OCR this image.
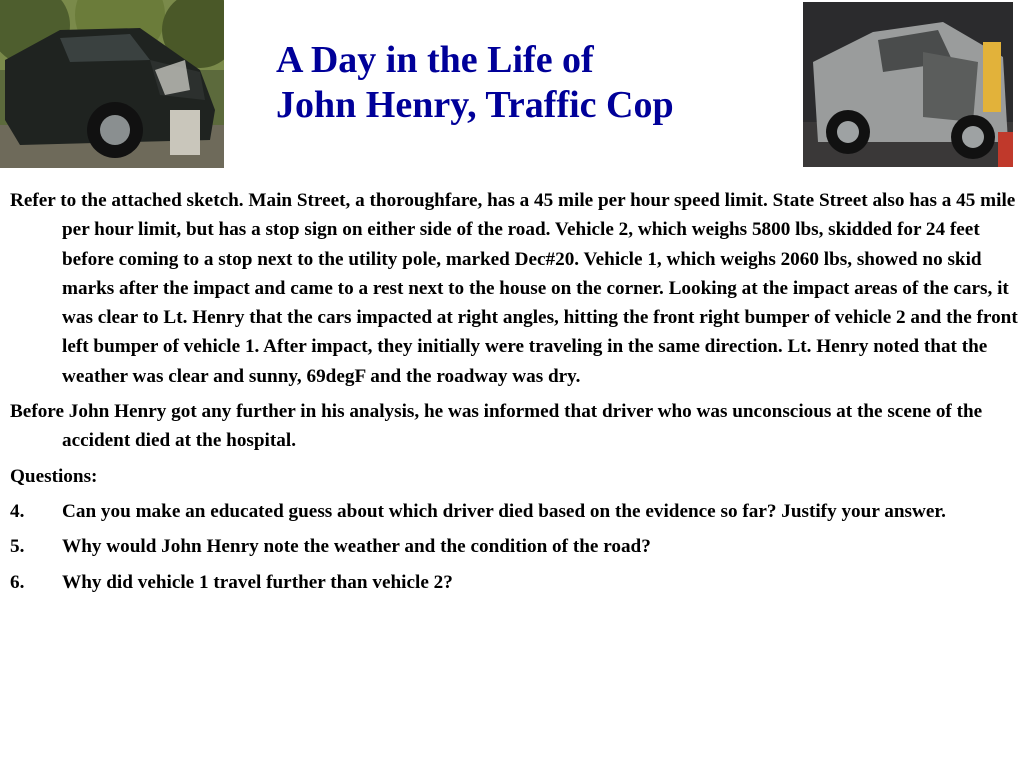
A Day in the Life of
John Henry, Traffic Cop

Refer to the attached sketch. Main Street, a thoroughfare, has a 45 mile per hour speed limit. State Street also has a 45 mile per hour limit, but has a stop sign on either side of the road. Vehicle 2, which weighs 5800 lbs, skidded for 24 feet before coming to a stop next to the utility pole, marked Dec#20. Vehicle 1, which weighs 2060 lbs, showed no skid marks after the impact and came to a rest next to the house on the corner. Looking at the impact areas of the cars, it was clear to Lt. Henry that the cars impacted at right angles, hitting the front right bumper of vehicle 2 and the front left bumper of vehicle 1. After impact, they initially were traveling in the same direction. Lt. Henry noted that the weather was clear and sunny, 69degF and the roadway was dry.

Before John Henry got any further in his analysis, he was informed that driver who was unconscious at the scene of the accident died at the hospital.

Questions:

4.	Can you make an educated guess about which driver died based on the evidence so far? Justify your answer.
5.	Why would John Henry note the weather and the condition of the road?
6.	Why did vehicle 1 travel further than vehicle 2?
